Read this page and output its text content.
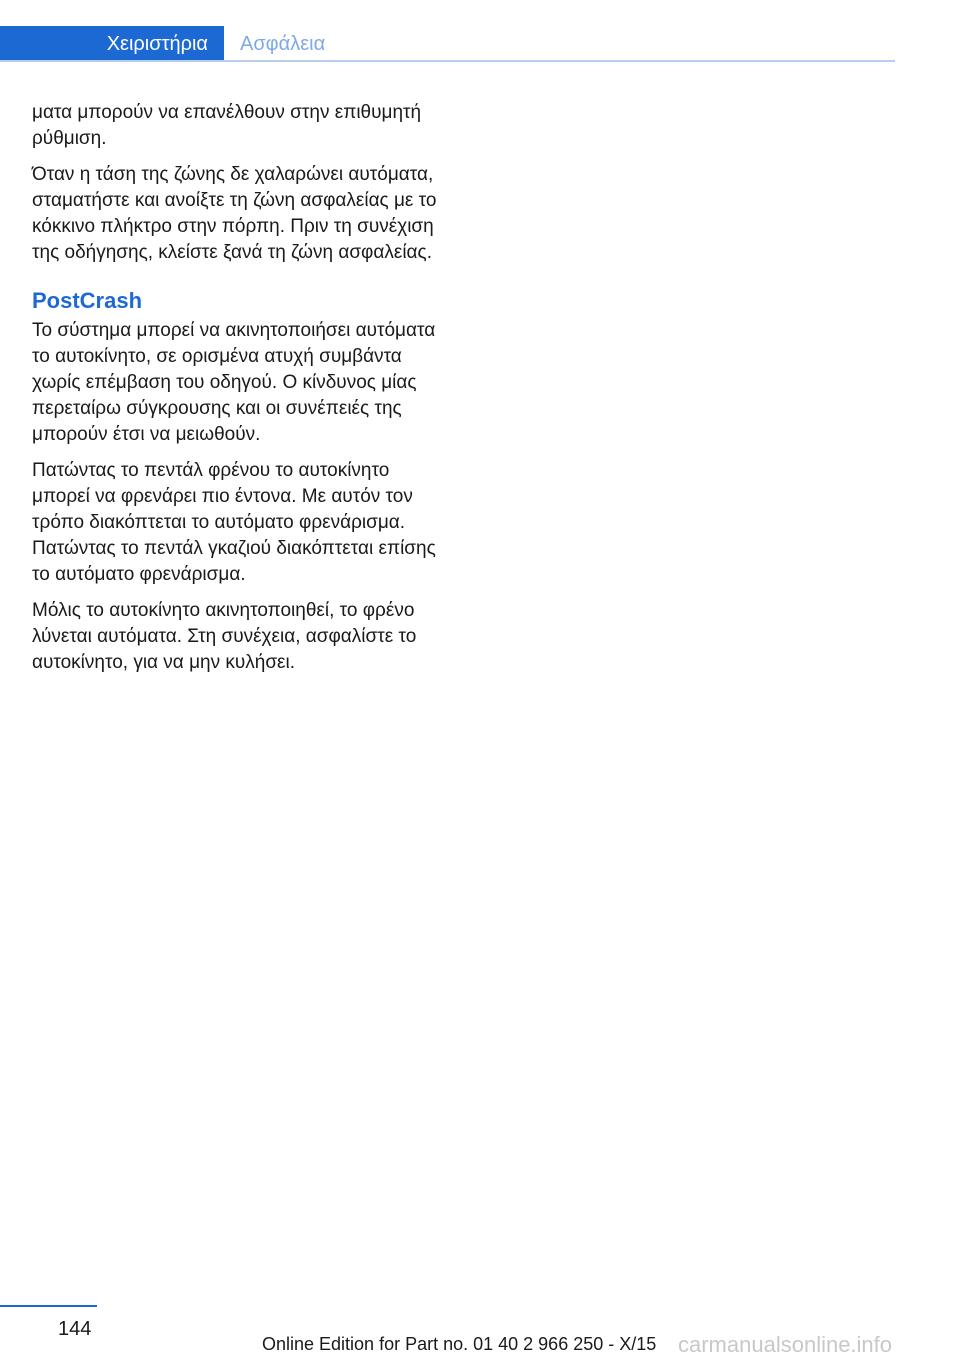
Χειριστήρια	Ασφάλεια

ματα μπορούν να επανέλθουν στην επιθυμητή ρύθμιση.

Όταν η τάση της ζώνης δε χαλαρώνει αυτόματα, σταματήστε και ανοίξτε τη ζώνη ασφαλείας με το κόκκινο πλήκτρο στην πόρπη. Πριν τη συνέχιση της οδήγησης, κλείστε ξανά τη ζώνη ασφαλείας.

PostCrash

Το σύστημα μπορεί να ακινητοποιήσει αυτόματα το αυτοκίνητο, σε ορισμένα ατυχή συμβάντα χωρίς επέμβαση του οδηγού. Ο κίνδυνος μίας περεταίρω σύγκρουσης και οι συνέπειές της μπορούν έτσι να μειωθούν.

Πατώντας το πεντάλ φρένου το αυτοκίνητο μπορεί να φρενάρει πιο έντονα. Με αυτόν τον τρόπο διακόπτεται το αυτόματο φρενάρισμα. Πατώντας το πεντάλ γκαζιού διακόπτεται επίσης το αυτόματο φρενάρισμα.

Μόλις το αυτοκίνητο ακινητοποιηθεί, το φρένο λύνεται αυτόματα. Στη συνέχεια, ασφαλίστε το αυτοκίνητο, για να μην κυλήσει.

144
Online Edition for Part no. 01 40 2 966 250 - X/15 carmanualsonline.info
